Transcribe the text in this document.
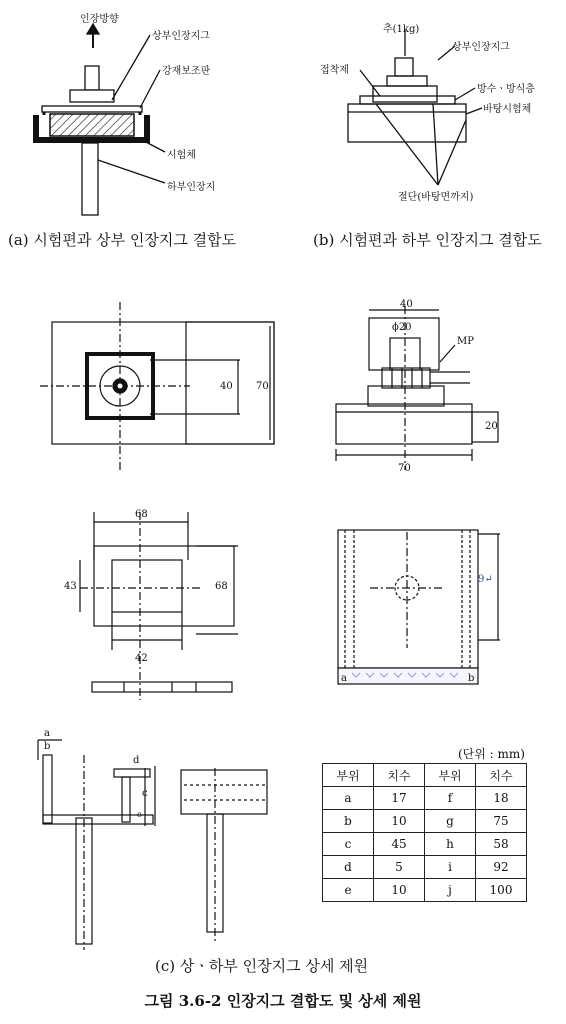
인장방향
상부인장지그
강재보조판
시험체
하부인장지
(a) 시험편과 상부 인장지그 결합도
추(1kg)
상부인장지그
접착제
방수ㆍ방식층
바탕시험체
절단(바탕면까지)
(b) 시험편과 하부 인장지그 결합도
40 70
40
ϕ20
MP
20
70
68
43	68
42
9↵
a	b
a
b
c
d
e
(단위 : mm)
부위	치수	부위	치수
a	17	f	18
b	10	g	75
c	45	h	58
d	5	i	92
e	10	j	100
(c) 상ㆍ하부 인장지그 상세 제원
그림 3.6-2 인장지그 결합도 및 상세 제원
